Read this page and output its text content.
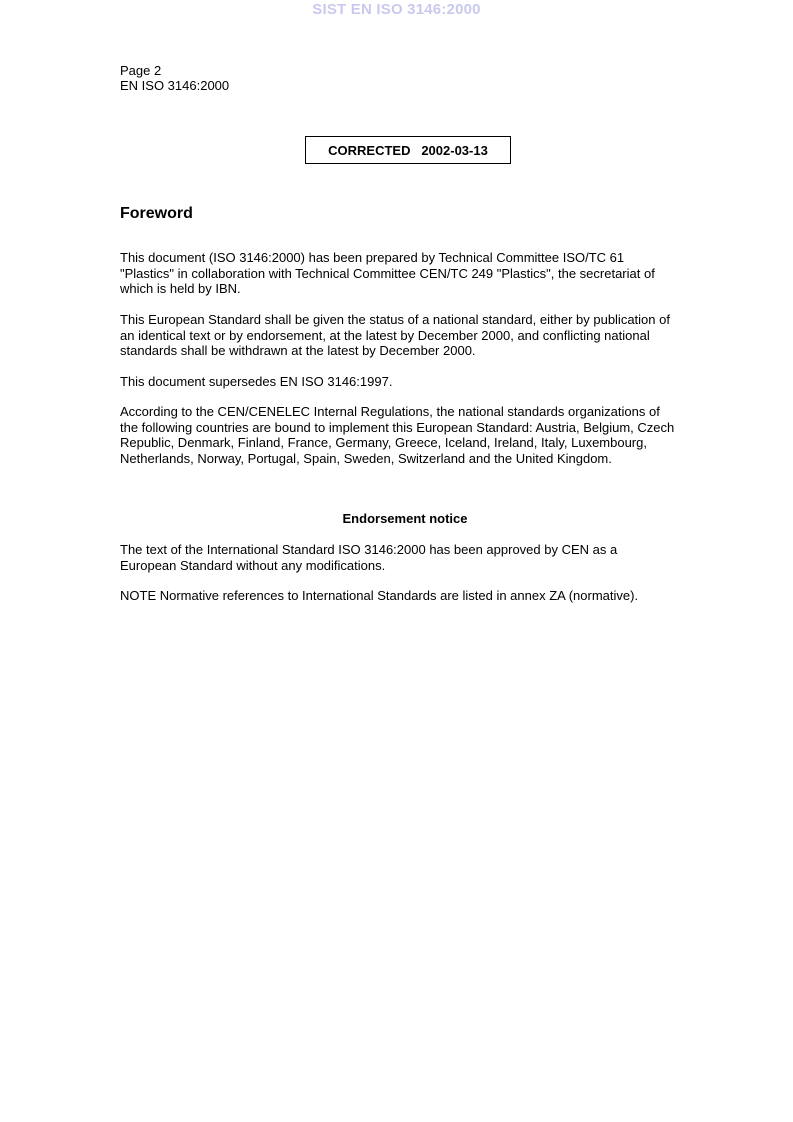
SIST EN ISO 3146:2000
Page 2
EN ISO 3146:2000
CORRECTED   2002-03-13
Foreword

This document (ISO 3146:2000) has been prepared by Technical Committee ISO/TC 61
"Plastics" in collaboration with Technical Committee CEN/TC 249 "Plastics", the secretariat of
which is held by IBN.

This European Standard shall be given the status of a national standard, either by publication of
an identical text or by endorsement, at the latest by December 2000, and conflicting national
standards shall be withdrawn at the latest by December 2000.

This document supersedes EN ISO 3146:1997.

According to the CEN/CENELEC Internal Regulations, the national standards organizations of
the following countries are bound to implement this European Standard: Austria, Belgium, Czech
Republic, Denmark, Finland, France, Germany, Greece, Iceland, Ireland, Italy, Luxembourg,
Netherlands, Norway, Portugal, Spain, Sweden, Switzerland and the United Kingdom.

Endorsement notice

The text of the International Standard ISO 3146:2000 has been approved by CEN as a
European Standard without any modifications.

NOTE Normative references to International Standards are listed in annex ZA (normative).
